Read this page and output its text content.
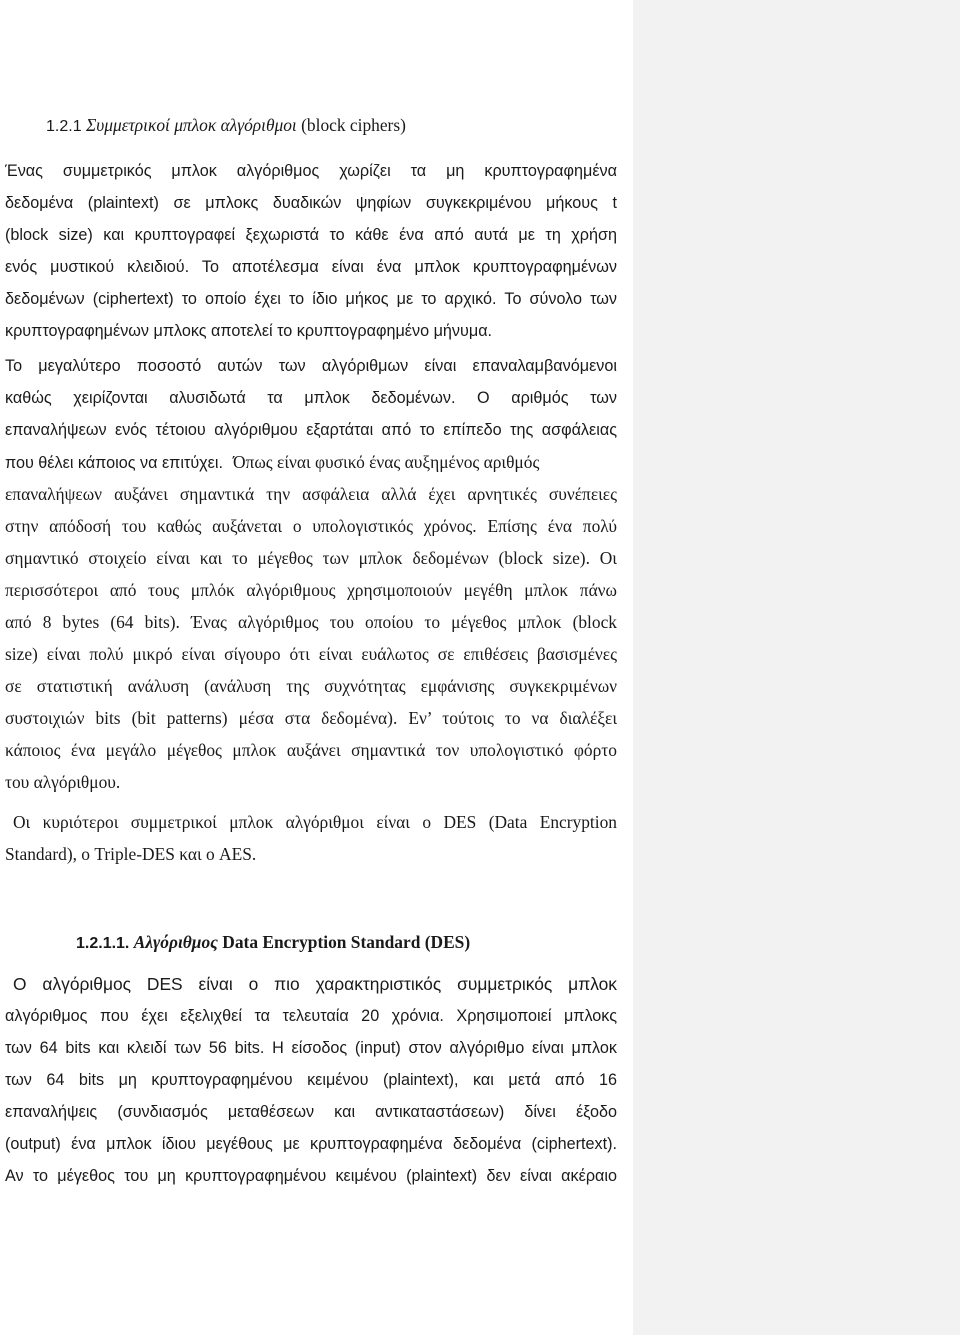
1.2.1 Συμμετρικοί μπλοκ αλγόριθμοι (block ciphers)

Ένας συμμετρικός μπλοκ αλγόριθμος χωρίζει τα μη κρυπτογραφημένα
δεδομένα (plaintext) σε μπλοκς δυαδικών ψηφίων συγκεκριμένου μήκους t
(block size) και κρυπτογραφεί ξεχωριστά το κάθε ένα από αυτά με τη χρήση
ενός μυστικού κλειδιού. Το αποτέλεσμα είναι ένα μπλοκ κρυπτογραφημένων
δεδομένων (ciphertext) το οποίο έχει το ίδιο μήκος με το αρχικό. Το σύνολο των
κρυπτογραφημένων μπλοκς αποτελεί το κρυπτογραφημένο μήνυμα.
Το μεγαλύτερο ποσοστό αυτών των αλγόριθμων είναι επαναλαμβανόμενοι
καθώς χειρίζονται αλυσιδωτά τα μπλοκ δεδομένων. Ο αριθμός των
επαναλήψεων ενός τέτοιου αλγόριθμου εξαρτάται από το επίπεδο της ασφάλειας
που θέλει κάποιος να επιτύχει. Όπως είναι φυσικό ένας αυξημένος αριθμός
επαναλήψεων αυξάνει σημαντικά την ασφάλεια αλλά έχει αρνητικές συνέπειες
στην απόδοσή του καθώς αυξάνεται ο υπολογιστικός χρόνος. Επίσης ένα πολύ
σημαντικό στοιχείο είναι και το μέγεθος των μπλοκ δεδομένων (block size). Οι
περισσότεροι από τους μπλόκ αλγόριθμους χρησιμοποιούν μεγέθη μπλοκ πάνω
από 8 bytes (64 bits). Ένας αλγόριθμος του οποίου το μέγεθος μπλοκ (block
size) είναι πολύ μικρό είναι σίγουρο ότι είναι ευάλωτος σε επιθέσεις βασισμένες
σε στατιστική ανάλυση (ανάλυση της συχνότητας εμφάνισης συγκεκριμένων
συστοιχιών bits (bit patterns) μέσα στα δεδομένα). Εν’ τούτοις το να διαλέξει
κάποιος ένα μεγάλο μέγεθος μπλοκ αυξάνει σημαντικά τον υπολογιστικό φόρτο
του αλγόριθμου.
Οι κυριότεροι συμμετρικοί μπλοκ αλγόριθμοι είναι ο DES (Data Encryption
Standard), ο Triple-DES και ο AES.

1.2.1.1. Αλγόριθμος Data Encryption Standard (DES)

Ο αλγόριθμος DES είναι ο πιο χαρακτηριστικός συμμετρικός μπλοκ
αλγόριθμος που έχει εξελιχθεί τα τελευταία 20 χρόνια. Χρησιμοποιεί μπλοκς
των 64 bits και κλειδί των 56 bits. Η είσοδος (input) στον αλγόριθμο είναι μπλοκ
των 64 bits μη κρυπτογραφημένου κειμένου (plaintext), και μετά από 16
επαναλήψεις (συνδιασμός μεταθέσεων και αντικαταστάσεων) δίνει έξοδο
(output) ένα μπλοκ ίδιου μεγέθους με κρυπτογραφημένα δεδομένα (ciphertext).
Αν το μέγεθος του μη κρυπτογραφημένου κειμένου (plaintext) δεν είναι ακέραιο
